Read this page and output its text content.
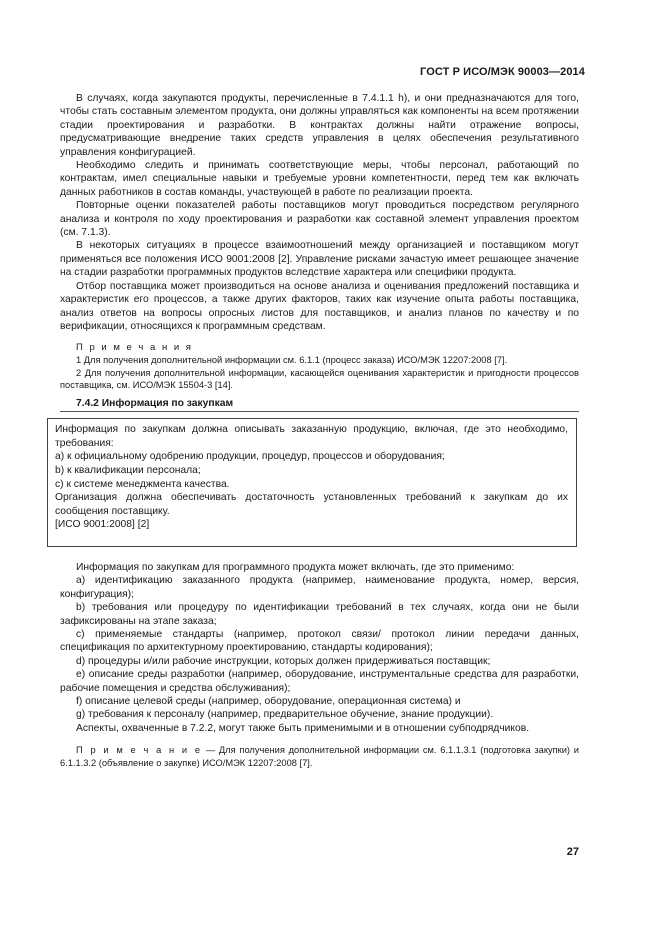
ГОСТ Р ИСО/МЭК 90003—2014

В случаях, когда закупаются продукты, перечисленные в 7.4.1.1 h), и они предназначаются для того, чтобы стать составным элементом продукта, они должны управляться как компоненты на всем протяжении стадии проектирования и разработки. В контрактах должны найти отражение вопросы, предусматривающие внедрение таких средств управления в целях обеспечения результативного управления конфигурацией.

Необходимо следить и принимать соответствующие меры, чтобы персонал, работающий по контрактам, имел специальные навыки и требуемые уровни компетентности, перед тем как включать данных работников в состав команды, участвующей в работе по реализации проекта.

Повторные оценки показателей работы поставщиков могут проводиться посредством регулярного анализа и контроля по ходу проектирования и разработки как составной элемент управления проектом (см. 7.1.3).

В некоторых ситуациях в процессе взаимоотношений между организацией и поставщиком могут применяться все положения ИСО 9001:2008 [2]. Управление рисками зачастую имеет решающее значение на стадии разработки программных продуктов вследствие характера или специфики продукта.

Отбор поставщика может производиться на основе анализа и оценивания предложений поставщика и характеристик его процессов, а также других факторов, таких как изучение опыта работы поставщика, анализ ответов на вопросы опросных листов для поставщиков, и анализ планов по качеству и по верификации, относящихся к программным средствам.

П р и м е ч а н и я
1 Для получения дополнительной информации см. 6.1.1 (процесс заказа) ИСО/МЭК 12207:2008 [7].
2 Для получения дополнительной информации, касающейся оценивания характеристик и пригодности процессов поставщика, см. ИСО/МЭК 15504-3 [14].
7.4.2 Информация по закупкам
Информация по закупкам должна описывать заказанную продукцию, включая, где это необходимо, требования:
a) к официальному одобрению продукции, процедур, процессов и оборудования;
b) к квалификации персонала;
c) к системе менеджмента качества.
Организация должна обеспечивать достаточность установленных требований к закупкам до их сообщения поставщику.
[ИСО 9001:2008] [2]

Информация по закупкам для программного продукта может включать, где это применимо:

a) идентификацию заказанного продукта (например, наименование продукта, номер, версия, конфигурация);

b) требования или процедуру по идентификации требований в тех случаях, когда они не были зафиксированы на этапе заказа;

c) применяемые стандарты (например, протокол связи/ протокол линии передачи данных, спецификация по архитектурному проектированию, стандарты кодирования);

d) процедуры и/или рабочие инструкции, которых должен придерживаться поставщик;

e) описание среды разработки (например, оборудование, инструментальные средства для разработки, рабочие помещения и средства обслуживания);

f) описание целевой среды (например, оборудование, операционная система) и

g) требования к персоналу (например, предварительное обучение, знание продукции).

Аспекты, охваченные в 7.2.2, могут также быть применимыми и в отношении субподрядчиков.

П р и м е ч а н и е — Для получения дополнительной информации см. 6.1.1.3.1 (подготовка закупки) и 6.1.1.3.2 (объявление о закупке) ИСО/МЭК 12207:2008 [7].
27
